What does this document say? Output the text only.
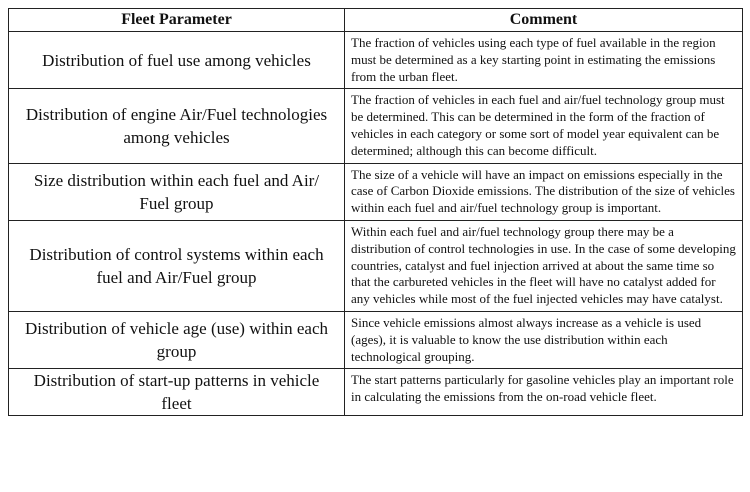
Fleet Parameter	Comment
Distribution of fuel use among vehicles	The fraction of vehicles using each type of fuel available in the region must be determined as a key starting point in estimating the emissions from the urban fleet.
Distribution of engine Air/Fuel technologies among vehicles	The fraction of vehicles in each fuel and air/fuel technology group must be determined. This can be determined in the form of the fraction of vehicles in each category or some sort of model year equivalent can be determined; although this can become difficult.
Size distribution within each fuel and Air/ Fuel group	The size of a vehicle will have an impact on emissions especially in the case of Carbon Dioxide emissions. The distribution of the size of vehicles within each fuel and air/fuel technology group is important.
Distribution of control systems within each fuel and Air/Fuel group	Within each fuel and air/fuel technology group there may be a distribution of control technologies in use. In the case of some developing countries, catalyst and fuel injection arrived at about the same time so that the carbureted vehicles in the fleet will have no catalyst added for any vehicles while most of the fuel injected vehicles may have catalyst.
Distribution of vehicle age (use) within each group	Since vehicle emissions almost always increase as a vehicle is used (ages), it is valuable to know the use distribution within each technological grouping.
Distribution of start-up patterns in vehicle fleet	The start patterns particularly for gasoline vehicles play an important role in calculating the emissions from the on-road vehicle fleet.
